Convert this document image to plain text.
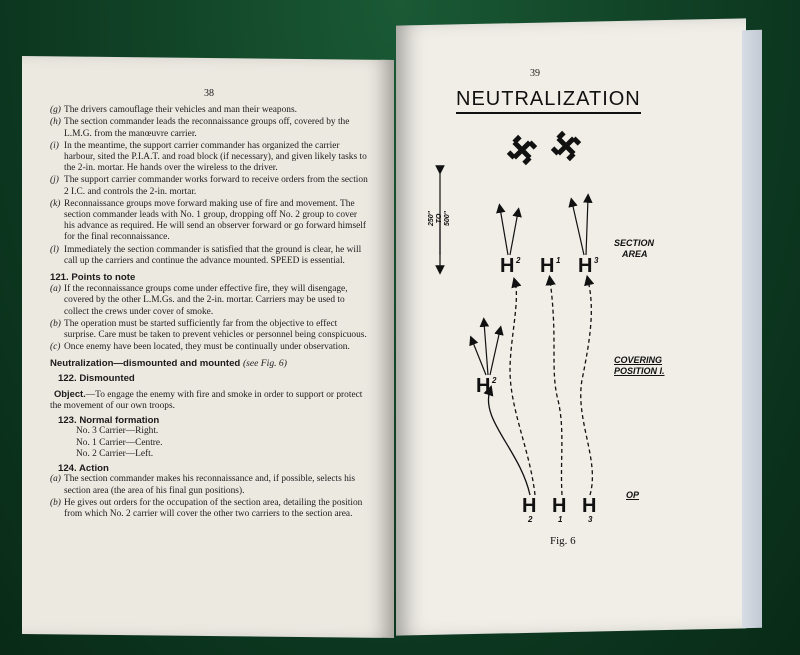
38
(g) The drivers camouflage their vehicles and man their weapons.
(h) The section commander leads the reconnaissance groups off, covered by the L.M.G. from the manœuvre carrier.
(i) In the meantime, the support carrier commander has organized the carrier harbour, sited the P.I.A.T. and road block (if necessary), and given likely tasks to the 2-in. mortar. He hands over the wireless to the driver.
(j) The support carrier commander works forward to receive orders from the section 2 I.C. and controls the 2-in. mortar.
(k) Reconnaissance groups move forward making use of fire and movement. The section commander leads with No. 1 group, dropping off No. 2 group to cover his advance as required. He will send an observer forward or go forward himself for the final reconnaissance.
(l) Immediately the section commander is satisfied that the ground is clear, he will call up the carriers and continue the advance mounted. SPEED is essential.
121. Points to note
(a) If the reconnaissance groups come under effective fire, they will disengage, covered by the other L.M.Gs. and the 2-in. mortar. Carriers may be used to collect the crews under cover of smoke.
(b) The operation must be started sufficiently far from the objective to effect surprise. Care must be taken to prevent vehicles or personnel being conspicuous.
(c) Once enemy have been located, they must be continually under observation.
Neutralization—dismounted and mounted (see Fig. 6)
122. Dismounted
Object.—To engage the enemy with fire and smoke in order to support or protect the movement of our own troops.
123. Normal formation
No. 3 Carrier—Right.
No. 1 Carrier—Centre.
No. 2 Carrier—Left.
124. Action
(a) The section commander makes his reconnaissance and, if possible, selects his section area (the area of his final gun positions).
(b) He gives out orders for the occupation of the section area, detailing the position from which No. 2 carrier will cover the other two carriers to the section area.
39
NEUTRALIZATION
H H H
H
H H H
2	1	3
2
2	1	3
250" TO 500"
SECTION
AREA
COVERING
POSITION I.
OP
Fig. 6
